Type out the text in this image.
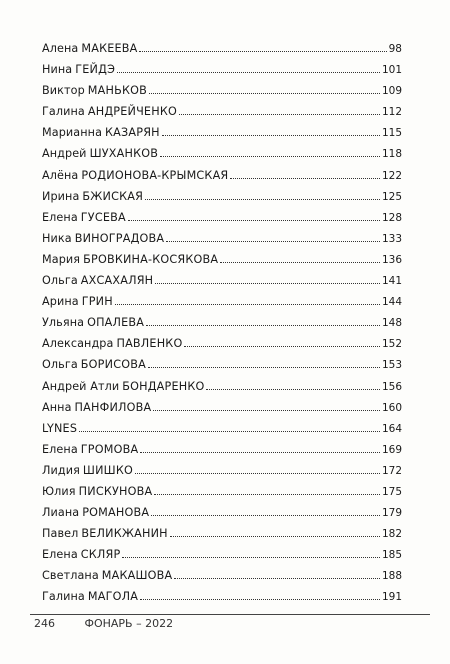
Алена МАКЕЕВА	98
Нина ГЕЙДЭ	101
Виктор МАНЬКОВ	109
Галина АНДРЕЙЧЕНКО	112
Марианна КАЗАРЯН	115
Андрей ШУХАНКОВ	118
Алёна РОДИОНОВА-КРЫМСКАЯ	122
Ирина БЖИСКАЯ	125
Елена ГУСЕВА	128
Ника ВИНОГРАДОВА	133
Мария БРОВКИНА-КОСЯКОВА	136
Ольга АХСАХАЛЯН	141
Арина ГРИН	144
Ульяна ОПАЛЕВА	148
Александра ПАВЛЕНКО	152
Ольга БОРИСОВА	153
Андрей Атли БОНДАРЕНКО	156
Анна ПАНФИЛОВА	160
LYNES	164
Елена ГРОМОВА	169
Лидия ШИШКО	172
Юлия ПИСКУНОВА	175
Лиана РОМАНОВА	179
Павел ВЕЛИКЖАНИН	182
Елена СКЛЯР	185
Светлана МАКАШОВА	188
Галина МАГОЛА	191
246	ФОНАРЬ – 2022
